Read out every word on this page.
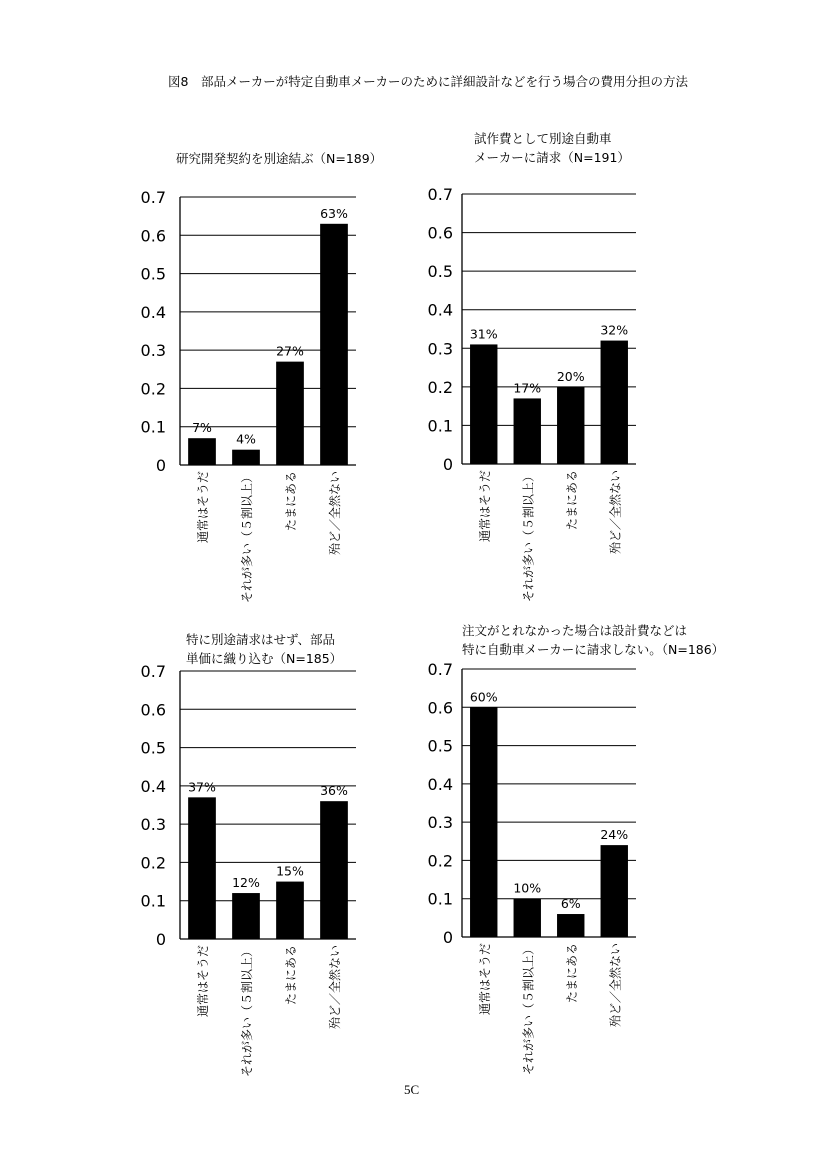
図8　部品メーカーが特定自動車メーカーのために詳細設計などを行う場合の費用分担の方法
研究開発契約を別途結ぶ（N=189）
0
0.1
0.2
0.3
0.4
0.5
0.6
0.7
7%
通常はそうだ
4%
それが多い（５割以上）
27%
たまにある
63%
殆ど／全然ない
試作費として別途自動車
メーカーに請求（N=191）
0
0.1
0.2
0.3
0.4
0.5
0.6
0.7
31%
通常はそうだ
17%
それが多い（５割以上）
20%
たまにある
32%
殆ど／全然ない
特に別途請求はせず、部品
単価に織り込む（N=185）
0
0.1
0.2
0.3
0.4
0.5
0.6
0.7
37%
通常はそうだ
12%
それが多い（５割以上）
15%
たまにある
36%
殆ど／全然ない
注文がとれなかった場合は設計費などは
特に自動車メーカーに請求しない。（N=186）
0
0.1
0.2
0.3
0.4
0.5
0.6
0.7
60%
通常はそうだ
10%
それが多い（５割以上）
6%
たまにある
24%
殆ど／全然ない
5C
